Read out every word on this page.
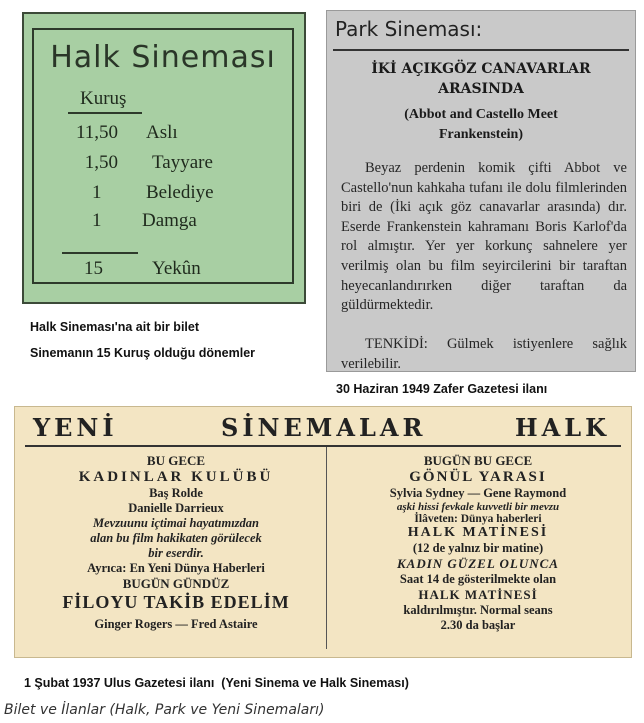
Halk Sineması
Kuruş
11,50 Aslı
1,50 Tayyare
1 Belediye
1 Damga
15	Yekûn
Halk Sineması'na ait bir bilet
Sinemanın 15 Kuruş olduğu dönemler
Park Sineması:
İKİ AÇIKGÖZ CANAVARLAR
ARASINDA
(Abbot and Castello Meet
Frankenstein)
Beyaz perdenin komik çifti Abbot ve Castello'nun kahkaha tufanı ile dolu filmlerinden biri de (İki açık göz canavarlar arasında) dır. Eserde Frankenstein kahramanı Boris Karlof'da rol almıştır. Yer yer korkunç sahnelere yer verilmiş olan bu film seyircilerini bir taraftan heyecanlandırırken diğer taraftan da güldürmektedir.
TENKİDİ: Gülmek istiyenlere sağlık verilebilir.
30 Haziran 1949 Zafer Gazetesi ilanı
YENİ	SİNEMALAR	HALK
BU GECE
KADINLAR KULÜBÜ
Baş Rolde
Danielle Darrieux
Mevzuunu içtimai hayatımızdan
alan bu film hakikaten görülecek
bir eserdir.
Ayrıca: En Yeni Dünya Haberleri
BUGÜN GÜNDÜZ
FİLOYU TAKİB EDELİM
Ginger Rogers — Fred Astaire
BUGÜN BU GECE
GÖNÜL YARASI
Sylvia Sydney — Gene Raymond
aşki hissi fevkale kuvvetli bir mevzu
İlâveten: Dünya haberleri
HALK MATİNESİ
(12 de yalnız bir matine)
KADIN GÜZEL OLUNCA
Saat 14 de gösterilmekte olan
HALK MATİNESİ
kaldırılmıştır. Normal seans
2.30 da başlar
1 Şubat 1937 Ulus Gazetesi ilanı  (Yeni Sinema ve Halk Sineması)
Bilet ve İlanlar (Halk, Park ve Yeni Sinemaları)
